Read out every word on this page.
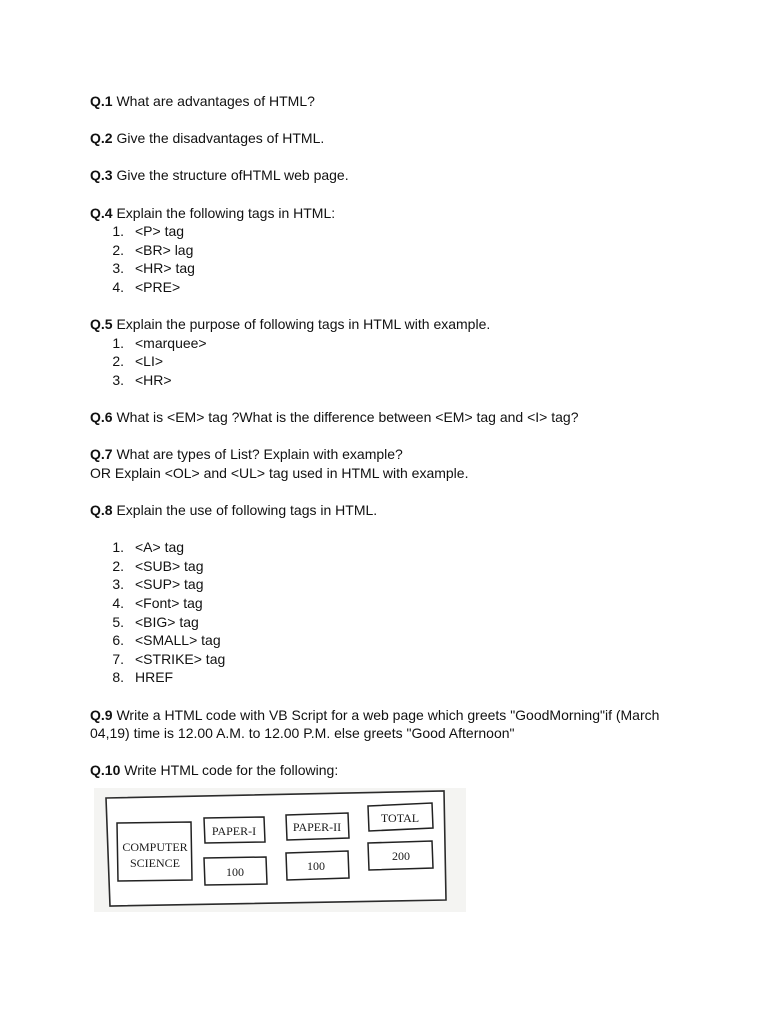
Q.1 What are advantages of HTML?

Q.2 Give the disadvantages of HTML.

Q.3 Give the structure ofHTML web page.

Q.4 Explain the following tags in HTML:

1. <P> tag
2. <BR> lag
3. <HR> tag
4. <PRE>

Q.5 Explain the purpose of following tags in HTML with example.

1. <marquee>
2. <LI>
3. <HR>

Q.6 What is <EM> tag ?What is the difference between <EM> tag and <I> tag?

Q.7 What are types of List? Explain with example?

OR Explain <OL> and <UL> tag used in HTML with example.

Q.8 Explain the use of following tags in HTML.

1. <A> tag
2. <SUB> tag
3. <SUP> tag
4. <Font> tag
5. <BIG> tag
6. <SMALL> tag
7. <STRIKE> tag
8. HREF

Q.9 Write a HTML code with VB Script for a web page which greets "GoodMorning"if (March

04,19) time is 12.00 A.M. to 12.00 P.M. else greets "Good Afternoon"

Q.10 Write HTML code for the following:

COMPUTER
SCIENCE
PAPER-I	PAPER-II
TOTAL
100	100
200
